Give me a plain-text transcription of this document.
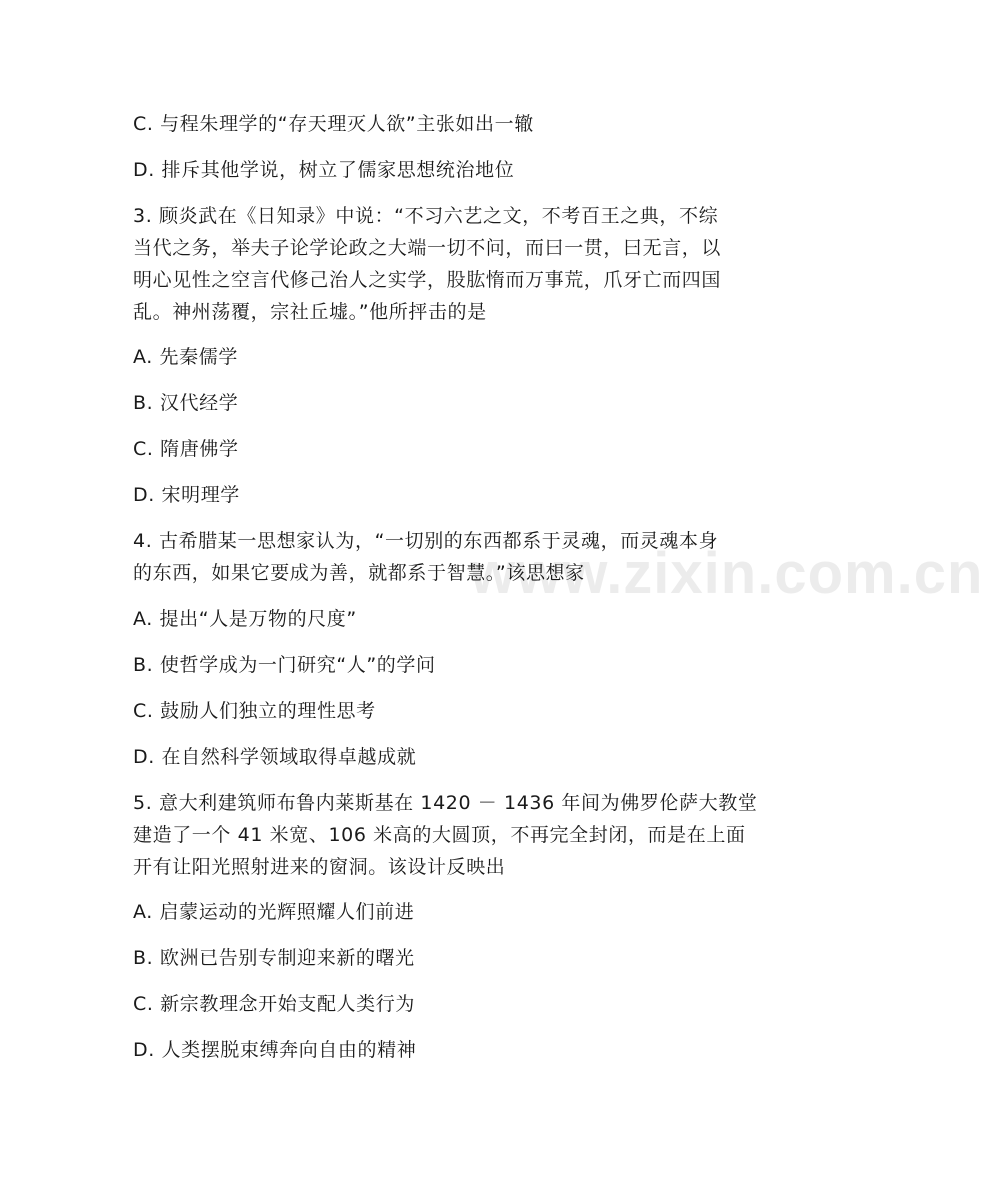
www.zixin.com.cn
C. 与程朱理学的“存天理灭人欲”主张如出一辙
D. 排斥其他学说，树立了儒家思想统治地位
3. 顾炎武在《日知录》中说：“不习六艺之文，不考百王之典，不综
当代之务，举夫子论学论政之大端一切不问，而曰一贯，曰无言，以
明心见性之空言代修己治人之实学，股肱惰而万事荒，爪牙亡而四国
乱。神州荡覆，宗社丘墟。”他所抨击的是
A. 先秦儒学
B. 汉代经学
C. 隋唐佛学
D. 宋明理学
4. 古希腊某一思想家认为，“一切别的东西都系于灵魂，而灵魂本身
的东西，如果它要成为善，就都系于智慧。”该思想家
A. 提出“人是万物的尺度”
B. 使哲学成为一门研究“人”的学问
C. 鼓励人们独立的理性思考
D. 在自然科学领域取得卓越成就
5. 意大利建筑师布鲁内莱斯基在 1420 － 1436 年间为佛罗伦萨大教堂
建造了一个 41 米宽、106 米高的大圆顶，不再完全封闭，而是在上面
开有让阳光照射进来的窗洞。该设计反映出
A. 启蒙运动的光辉照耀人们前进
B. 欧洲已告别专制迎来新的曙光
C. 新宗教理念开始支配人类行为
D. 人类摆脱束缚奔向自由的精神
